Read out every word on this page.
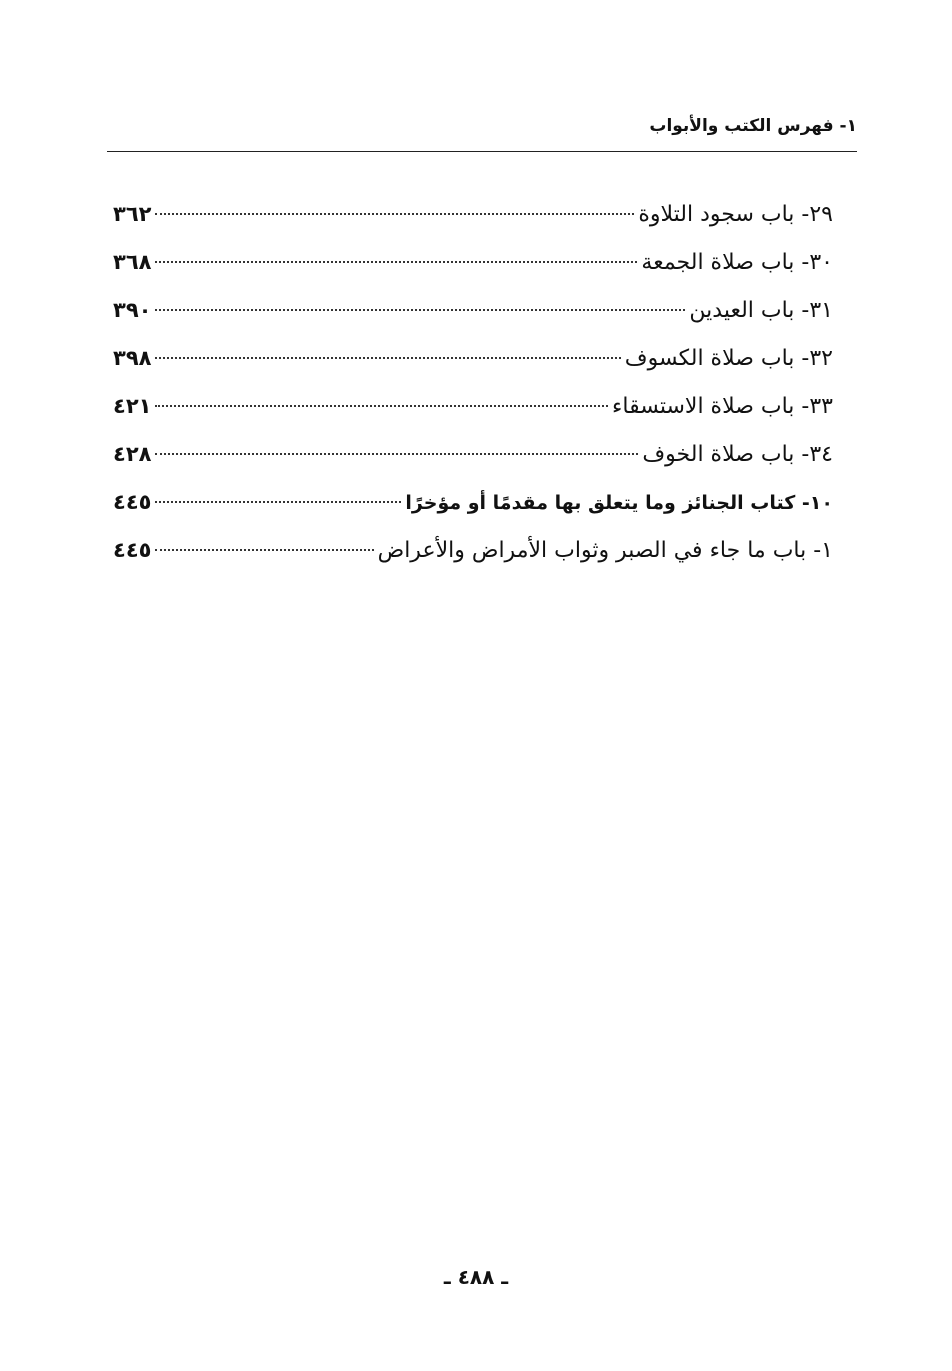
١- فهرس الكتب والأبواب
٢٩- باب سجود التلاوة
٣٦٢
٣٠- باب صلاة الجمعة
٣٦٨
٣١- باب العيدين
٣٩٠
٣٢- باب صلاة الكسوف
٣٩٨
٣٣- باب صلاة الاستسقاء
٤٢١
٣٤- باب صلاة الخوف
٤٢٨
١٠- كتاب الجنائز وما يتعلق بها مقدمًا أو مؤخرًا
٤٤٥
١- باب ما جاء في الصبر وثواب الأمراض والأعراض
٤٤٥
ـ ٤٨٨ ـ
